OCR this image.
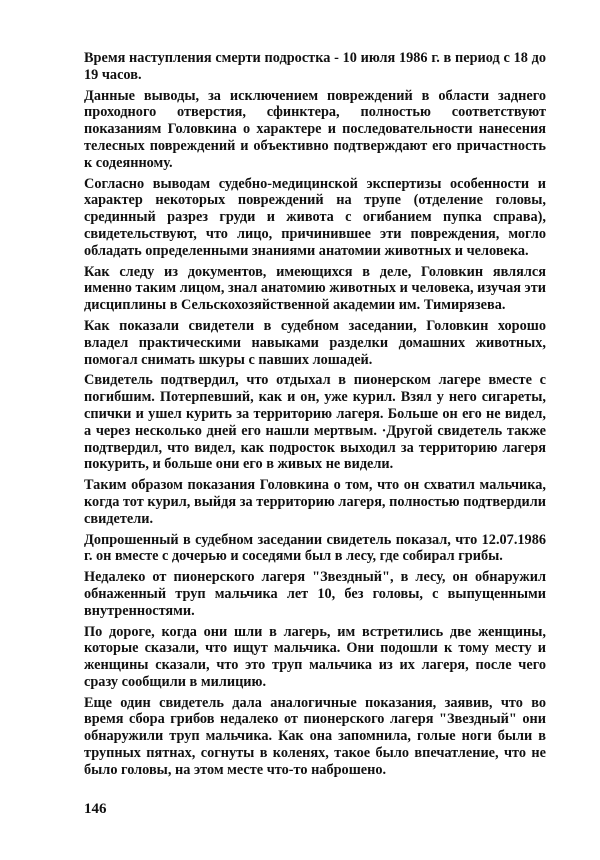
Время наступления смерти подростка - 10 июля 1986 г. в период с 18 до 19 часов.

Данные выводы, за исключением повреждений в области заднего проходного отверстия, сфинктера, полностью соответствуют показаниям Головкина о характере и последовательности нанесения телесных повреждений и объективно подтверждают его причастность к содеянному.

Согласно выводам судебно-медицинской экспертизы особенности и характер некоторых повреждений на трупе (отделение головы, срединный разрез груди и живота с огибанием пупка справа), свидетельствуют, что лицо, причинившее эти повреждения, могло обладать определенными знаниями анатомии животных и человека.

Как следу из документов, имеющихся в деле, Головкин являлся именно таким лицом, знал анатомию животных и человека, изучая эти дисциплины в Сельскохозяйственной академии им. Тимирязева.

Как показали свидетели в судебном заседании, Головкин хорошо владел практическими навыками разделки домашних животных, помогал снимать шкуры с павших лошадей.

Свидетель подтвердил, что отдыхал в пионерском лагере вместе с погибшим. Потерпевший, как и он, уже курил. Взял у него сигареты, спички и ушел курить за территорию лагеря. Больше он его не видел, а через несколько дней его нашли мертвым. ·Другой свидетель также подтвердил, что видел, как подросток выходил за территорию лагеря покурить, и больше они его в живых не видели.

Таким образом показания Головкина о том, что он схватил мальчика, когда тот курил, выйдя за территорию лагеря, полностью подтвердили свидетели.

Допрошенный в судебном заседании свидетель показал, что 12.07.1986 г. он вместе с дочерью и соседями был в лесу, где собирал грибы.

Недалеко от пионерского лагеря "Звездный", в лесу, он обнаружил обнаженный труп мальчика лет 10, без головы, с выпущенными внутренностями.

По дороге, когда они шли в лагерь, им встретились две женщины, которые сказали, что ищут мальчика. Они подошли к тому месту и женщины сказали, что это труп мальчика из их лагеря, после чего сразу сообщили в милицию.

Еще один свидетель дала аналогичные показания, заявив, что во время сбора грибов недалеко от пионерского лагеря "Звездный" они обнаружили труп мальчика. Как она запомнила, голые ноги были в трупных пятнах, согнуты в коленях, такое было впечатление, что не было головы, на этом месте что-то наброшено.

146
